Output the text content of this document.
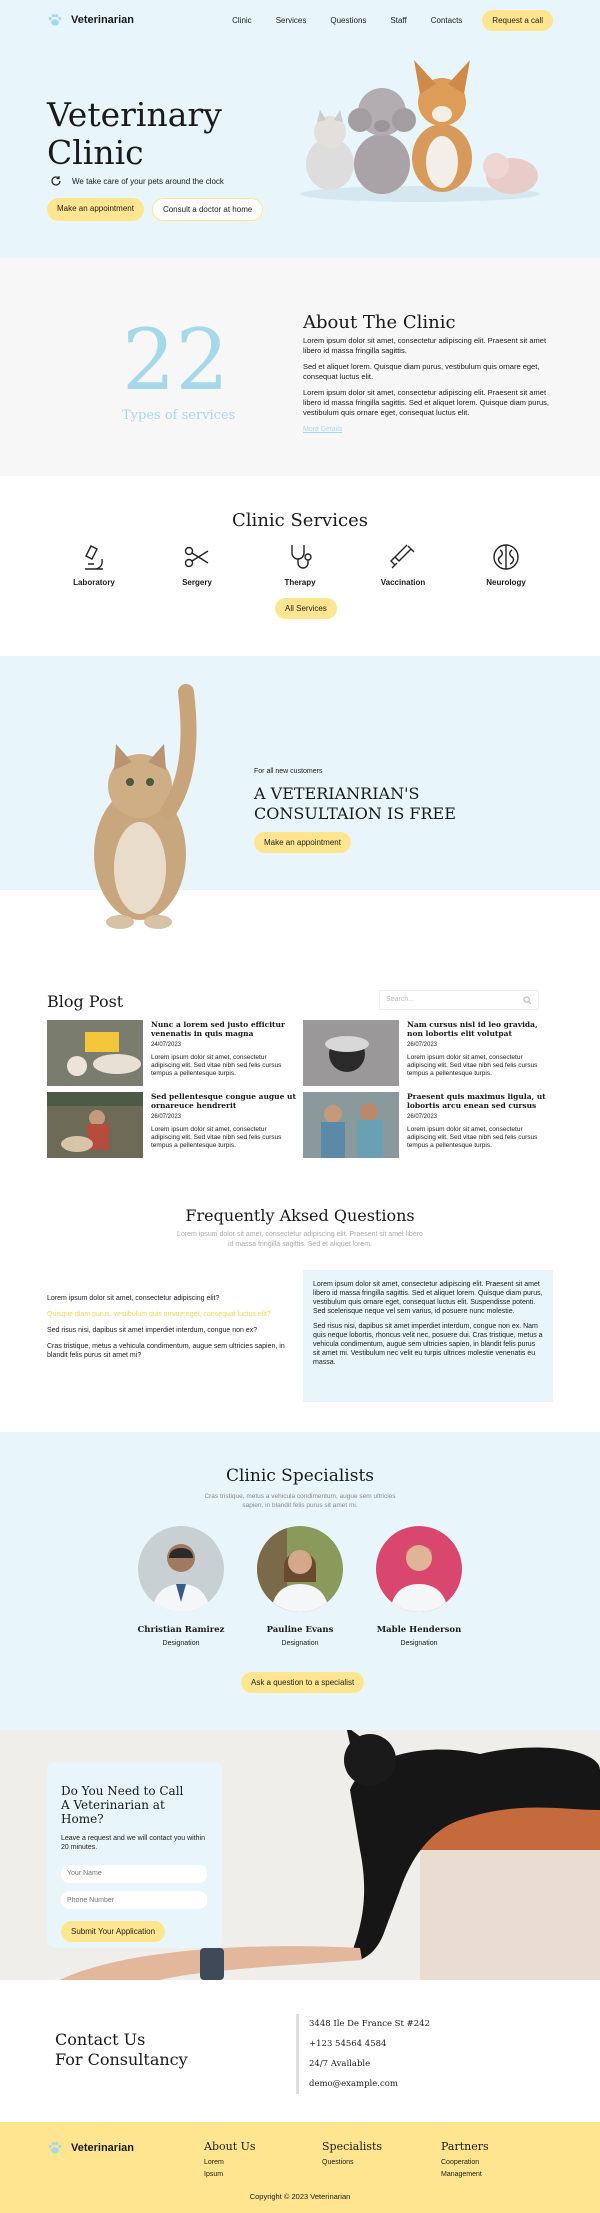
Veterinarian	Clinic	Services	Questions	Staff	Contacts	Request a call
Veterinary
Clinic
We take care of your pets around the clock
Make an appointment	Consult a doctor at home
22
Types of services
About The Clinic

Lorem ipsum dolor sit amet, consectetur adipiscing elit. Praesent sit amet libero id massa fringilla sagittis.

Sed et aliquet lorem. Quisque diam purus, vestibulum quis ornare eget, consequat luctus elit.

Lorem ipsum dolor sit amet, consectetur adipiscing elit. Praesent sit amet libero id massa fringilla sagittis. Sed et aliquet lorem. Quisque diam purus, vestibulum quis ornare eget, consequat luctus elit.

More Details
Clinic Services
Laboratory	Sergery	Therapy	Vaccination	Neurology
All Services
For all new customers
A VETERIANRIAN'S
CONSULTAION IS FREE
Make an appointment
Blog Post	Search...
Nunc a lorem sed justo efficitur venenatis in quis magna
24/07/2023
Lorem ipsum dolor sit amet, consectetur adipiscing elit. Sed vitae nibh sed felis cursus tempus a pellentesque turpis.
Nam cursus nisl id leo gravida, non lobortis elit volutpat
26/07/2023
Lorem ipsum dolor sit amet, consectetur adipiscing elit. Sed vitae nibh sed felis cursus tempus a pellentesque turpis.
Sed pellentesque congue augue ut ornareuce hendrerit
26/07/2023
Lorem ipsum dolor sit amet, consectetur adipiscing elit. Sed vitae nibh sed felis cursus tempus a pellentesque turpis.
Praesent quis maximus ligula, ut lobortis arcu enean sed cursus
26/07/2023
Lorem ipsum dolor sit amet, consectetur adipiscing elit. Sed vitae nibh sed felis cursus tempus a pellentesque turpis.
Frequently Aksed Questions
Lorem ipsum dolor sit amet, consectetur adipiscing elit. Praesent sit amet libero id massa fringilla sagittis. Sed et aliquet lorem.

Lorem ipsum dolor sit amet, consectetur adipiscing elit?

Quisque diam purus, vestibulum quis ornare eget, consequat luctus elit?

Sed risus nisi, dapibus sit amet imperdiet interdum, congue non ex?

Cras tristique, metus a vehicula condimentum, augue sem ultricies sapien, in blandit felis purus sit amet mi?

Lorem ipsum dolor sit amet, consectetur adipiscing elit. Praesent sit amet libero id massa fringilla sagittis. Sed et aliquet lorem. Quisque diam purus, vestibulum quis ornare eget, consequat luctus elit. Suspendisse potenti. Sed scelerisque neque vel sem varius, id posuere nunc molestie.

Sed risus nisi, dapibus sit amet imperdiet interdum, congue non ex. Nam quis neque lobortis, rhoncus velit nec, posuere dui. Cras tristique, metus a vehicula condimentum, augue sem ultricies sapien, in blandit felis purus sit amet mi. Vestibulum nec velit eu turpis ultrices molestie venenatis eu massa.

Clinic Specialists
Cras tristique, metus a vehicula condimentum, augue sem ultricies sapien, in blandit felis purus sit amet mi.
Christian Ramirez
Designation
Pauline Evans
Designation
Mable Henderson
Designation
Ask a question to a specialist
Do You Need to Call
A Veterinarian at Home?
Leave a request and we will contact you within 20 minutes.
Your Name Phone Number Submit Your Application
Contact Us
For Consultancy
3448 Ile De France St #242
+123 54564 4584
24/7 Available
demo@example.com
Veterinarian	About Us
Lorem
Ipsum
Specialists
Questions
Partners
Cooperation
Management
Copyright © 2023 Veterinarian
